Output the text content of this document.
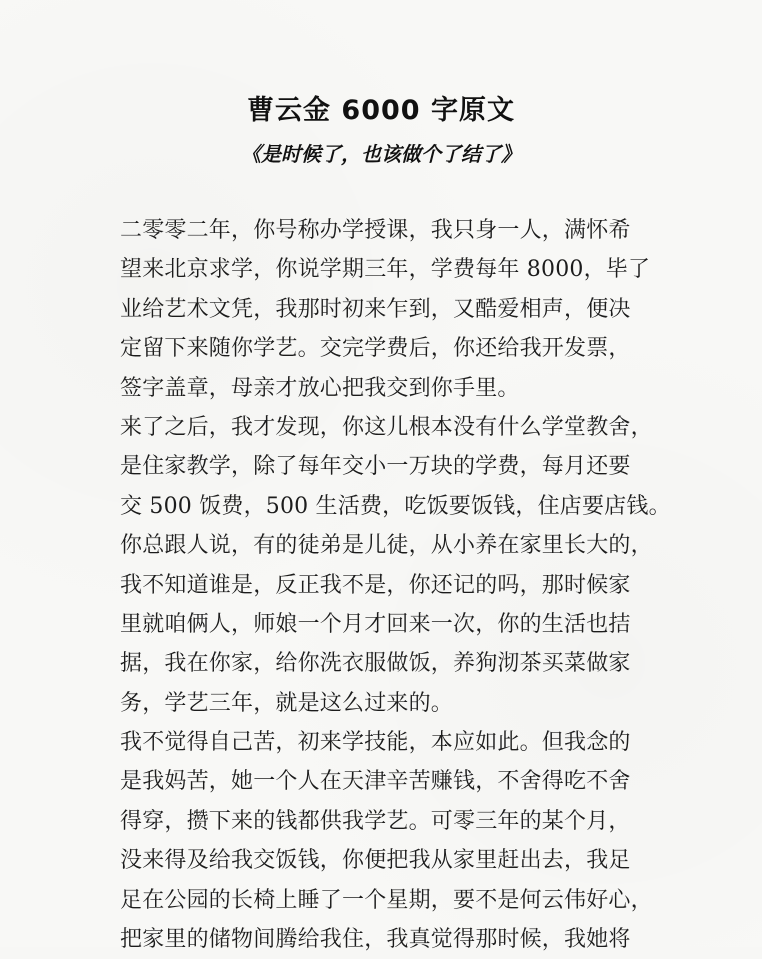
曹云金 6000 字原文
《是时候了，也该做个了结了》
二零零二年，你号称办学授课，我只身一人，满怀希
望来北京求学，你说学期三年，学费每年 8000，毕了
业给艺术文凭，我那时初来乍到，又酷爱相声，便决
定留下来随你学艺。交完学费后，你还给我开发票，
签字盖章，母亲才放心把我交到你手里。
来了之后，我才发现，你这儿根本没有什么学堂教舍，
是住家教学，除了每年交小一万块的学费，每月还要
交 500 饭费，500 生活费，吃饭要饭钱，住店要店钱。
你总跟人说，有的徒弟是儿徒，从小养在家里长大的，
我不知道谁是，反正我不是，你还记的吗，那时候家
里就咱俩人，师娘一个月才回来一次，你的生活也拮
据，我在你家，给你洗衣服做饭，养狗沏茶买菜做家
务，学艺三年，就是这么过来的。
我不觉得自己苦，初来学技能，本应如此。但我念的
是我妈苦，她一个人在天津辛苦赚钱，不舍得吃不舍
得穿，攒下来的钱都供我学艺。可零三年的某个月，
没来得及给我交饭钱，你便把我从家里赶出去，我足
足在公园的长椅上睡了一个星期，要不是何云伟好心，
把家里的储物间腾给我住，我真觉得那时候，我她将
